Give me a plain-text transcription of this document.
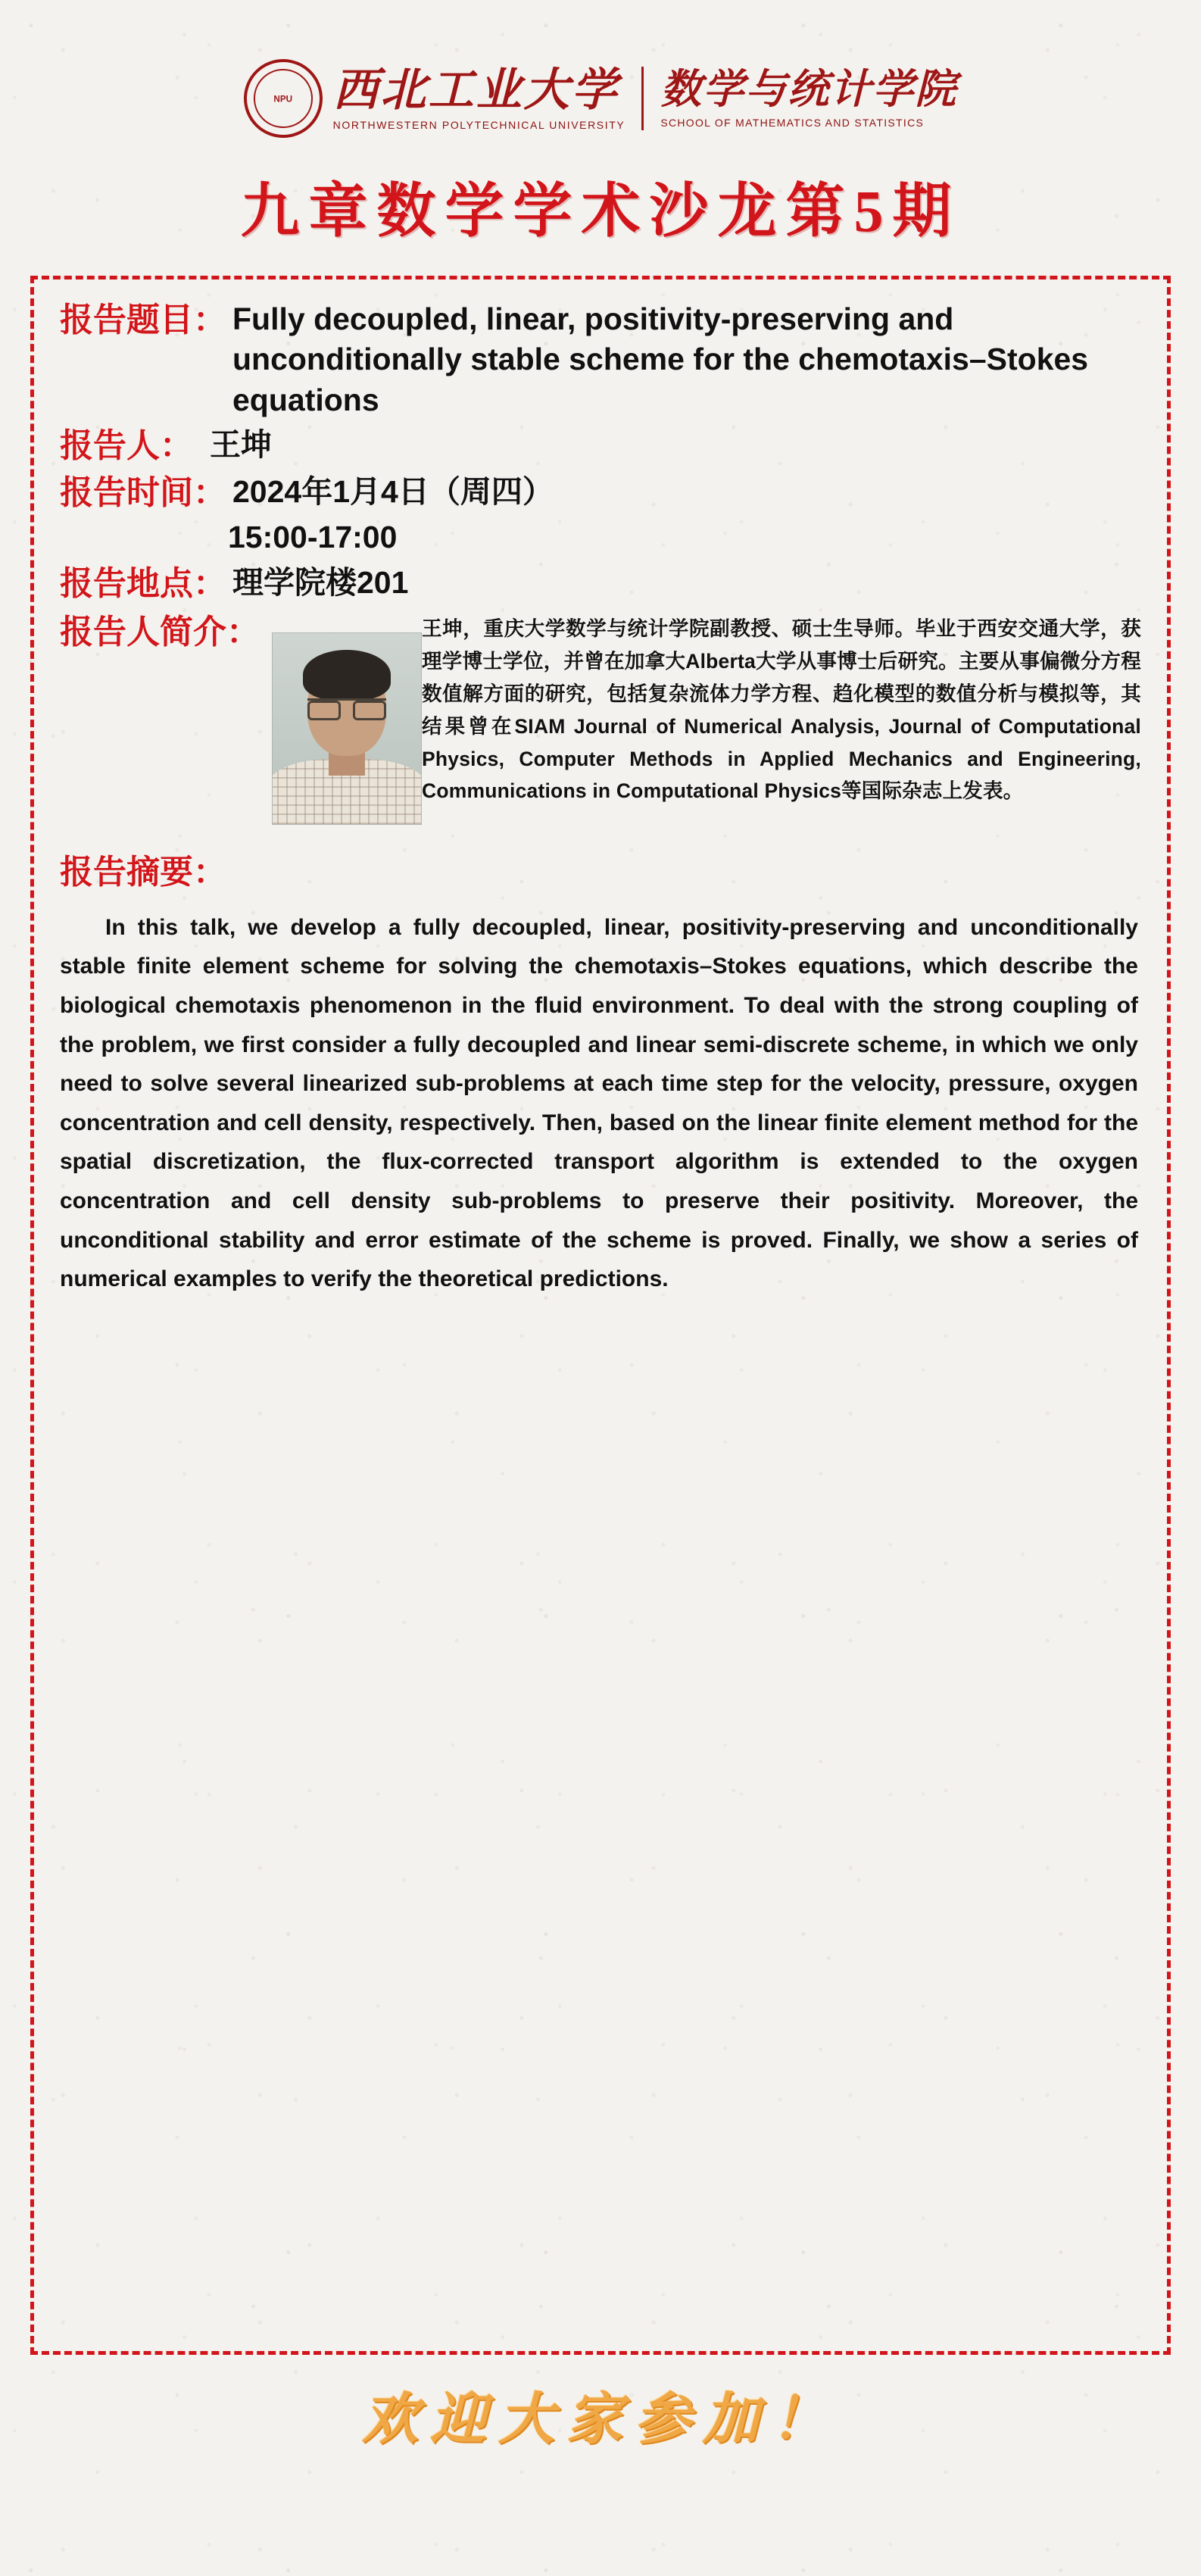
NPU 西北工业大学
NORTHWESTERN POLYTECHNICAL UNIVERSITY
数学与统计学院
SCHOOL OF MATHEMATICS AND STATISTICS
九章数学学术沙龙第5期
报告题目： Fully decoupled, linear, positivity-preserving and unconditionally stable scheme for the chemotaxis–Stokes equations
报告人： 王坤
报告时间： 2024年1月4日（周四）
15:00-17:00
报告地点： 理学院楼201
报告人简介：	王坤，重庆大学数学与统计学院副教授、硕士生导师。毕业于西安交通大学，获理学博士学位，并曾在加拿大Alberta大学从事博士后研究。主要从事偏微分方程数值解方面的研究，包括复杂流体力学方程、趋化模型的数值分析与模拟等，其结果曾在SIAM Journal of Numerical Analysis, Journal of Computational Physics, Computer Methods in Applied Mechanics and Engineering, Communications in Computational Physics等国际杂志上发表。
报告摘要：
In this talk, we develop a fully decoupled, linear, positivity-preserving and unconditionally stable finite element scheme for solving the chemotaxis–Stokes equations, which describe the biological chemotaxis phenomenon in the fluid environment. To deal with the strong coupling of the problem, we first consider a fully decoupled and linear semi-discrete scheme, in which we only need to solve several linearized sub-problems at each time step for the velocity, pressure, oxygen concentration and cell density, respectively. Then, based on the linear finite element method for the spatial discretization, the flux-corrected transport algorithm is extended to the oxygen concentration and cell density sub-problems to preserve their positivity. Moreover, the unconditional stability and error estimate of the scheme is proved. Finally, we show a series of numerical examples to verify the theoretical predictions.
欢迎大家参加！
